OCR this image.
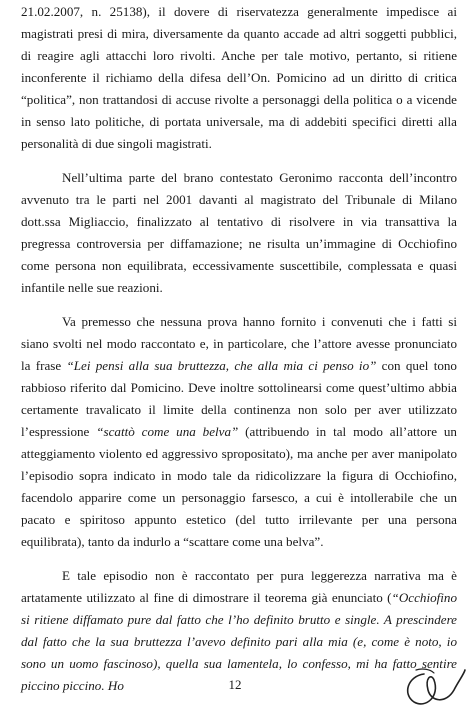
21.02.2007, n. 25138), il dovere di riservatezza generalmente impedisce ai magistrati presi di mira, diversamente da quanto accade ad altri soggetti pubblici, di reagire agli attacchi loro rivolti. Anche per tale motivo, pertanto, si ritiene inconferente il richiamo della difesa dell’On. Pomicino ad un diritto di critica “politica”, non trattandosi di accuse rivolte a personaggi della politica o a vicende in senso lato politiche, di portata universale, ma di addebiti specifici diretti alla personalità di due singoli magistrati.

Nell’ultima parte del brano contestato Geronimo racconta dell’incontro avvenuto tra le parti nel 2001 davanti al magistrato del Tribunale di Milano dott.ssa Migliaccio, finalizzato al tentativo di risolvere in via transattiva la pregressa controversia per diffamazione; ne risulta un’immagine di Occhiofino come persona non equilibrata, eccessivamente suscettibile, complessata e quasi infantile nelle sue reazioni.

Va premesso che nessuna prova hanno fornito i convenuti che i fatti si siano svolti nel modo raccontato e, in particolare, che l’attore avesse pronunciato la frase “Lei pensi alla sua bruttezza, che alla mia ci penso io” con quel tono rabbioso riferito dal Pomicino. Deve inoltre sottolinearsi come quest’ultimo abbia certamente travalicato il limite della continenza non solo per aver utilizzato l’espressione “scattò come una belva” (attribuendo in tal modo all’attore un atteggiamento violento ed aggressivo spropositato), ma anche per aver manipolato l’episodio sopra indicato in modo tale da ridicolizzare la figura di Occhiofino, facendolo apparire come un personaggio farsesco, a cui è intollerabile che un pacato e spiritoso appunto estetico (del tutto irrilevante per una persona equilibrata), tanto da indurlo a “scattare come una belva”.

E tale episodio non è raccontato per pura leggerezza narrativa ma è artatamente utilizzato al fine di dimostrare il teorema già enunciato (“Occhiofino si ritiene diffamato pure dal fatto che l’ho definito brutto e single. A prescindere dal fatto che la sua bruttezza l’avevo definito pari alla mia (e, come è noto, io sono un uomo fascinoso), quella sua lamentela, lo confesso, mi ha fatto sentire piccino piccino. Ho	12
